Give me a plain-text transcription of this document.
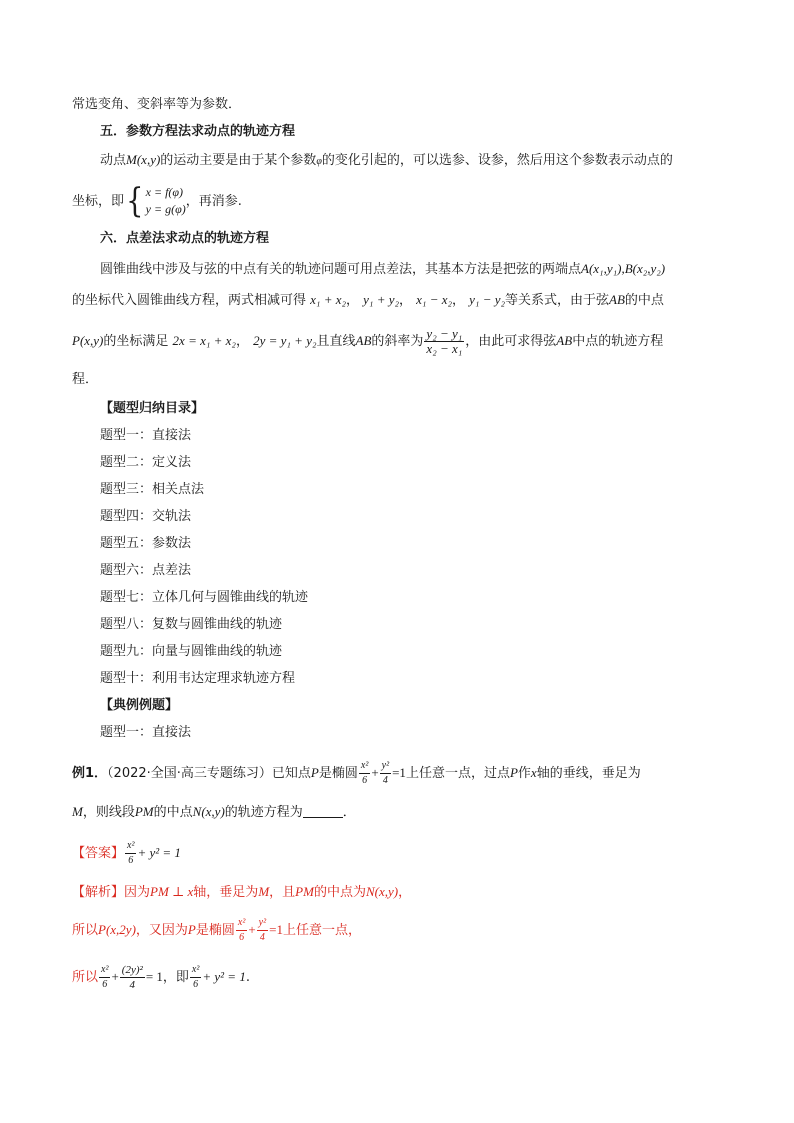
常选变角、变斜率等为参数．
五．参数方程法求动点的轨迹方程
动点M(x,y)的运动主要是由于某个参数φ的变化引起的，可以选参、设参，然后用这个参数表示动点的
坐标，即{ x = f(φ)
y = g(φ)
，再消参.
六．点差法求动点的轨迹方程
圆锥曲线中涉及与弦的中点有关的轨迹问题可用点差法，其基本方法是把弦的两端点A(x₁,y₁),B(x₂,y₂)
的坐标代入圆锥曲线方程，两式相减可得 x₁ + x₂， y₁ + y₂， x₁ − x₂， y₁ − y₂等关系式，由于弦AB的中点
P(x,y)的坐标满足 2x = x₁ + x₂， 2y = y₁ + y₂且直线AB的斜率为 $\frac{\text{y₂ − y₁}}{\text{x₂ − x₁}}$ ，由此可求得弦AB中点的轨迹方程
程．
【题型归纳目录】
题型一：直接法
题型二：定义法
题型三：相关点法
题型四：交轨法
题型五：参数法
题型六：点差法
题型七：立体几何与圆锥曲线的轨迹
题型八：复数与圆锥曲线的轨迹
题型九：向量与圆锥曲线的轨迹
题型十：利用韦达定理求轨迹方程
【典例例题】
题型一：直接法
例1．（2022·全国·高三专题练习）已知点P是椭圆 $\frac{\text{x²}}{6} + \frac{\text{y²}}{4} =1$上任意一点，过点P作x轴的垂线，垂足为
M，则线段PM的中点N(x,y)的轨迹方程为	．
【答案】 $\frac{\text{x²}}{6} + y^2 = 1$
【解析】因为PM ⊥ x轴，垂足为M，且PM的中点为N(x,y)，
所以P(x,2y)，又因为P是椭圆 $\frac{\text{x²}}{6} + \frac{\text{y²}}{4} =1$上任意一点，
所以 $\frac{\text{x²}}{6} + \frac{\text{(2y)²}}{4} = 1$，即 $\frac{\text{x²}}{6} + y^2 = 1$.
